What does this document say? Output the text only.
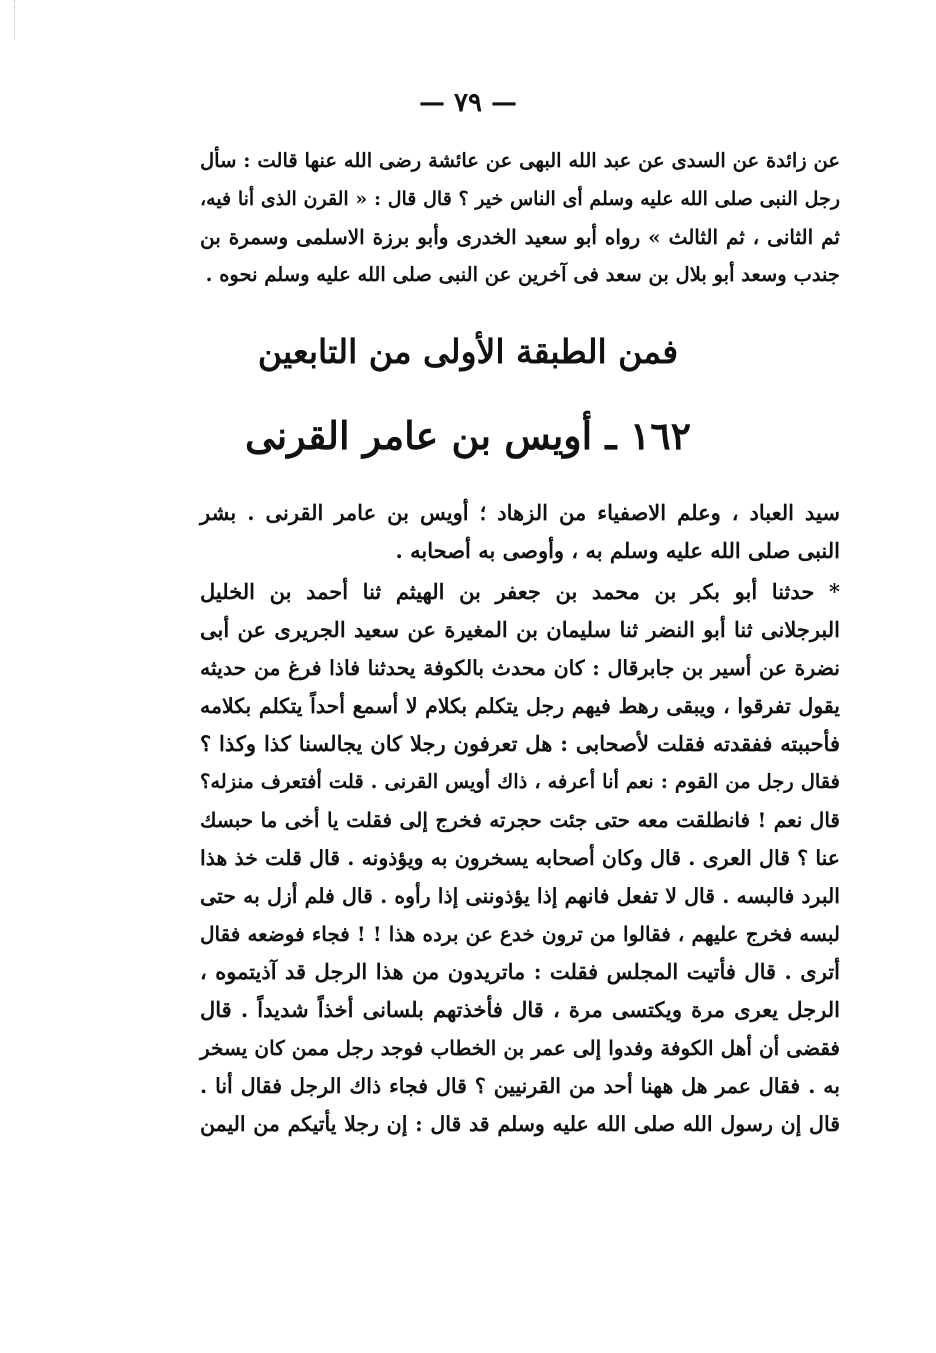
— ٧٩ —
عن زائدة عن السدى عن عبد الله البهى عن عائشة رضى الله عنها قالت : سأل
رجل النبى صلى الله عليه وسلم أى الناس خير ؟ قال قال : « القرن الذى أنا فيه،
ثم الثانى ، ثم الثالث » رواه أبو سعيد الخدرى وأبو برزة الاسلمى وسمرة بن
جندب وسعد أبو بلال بن سعد فى آخرين عن النبى صلى الله عليه وسلم نحوه .
فمن الطبقة الأولى من التابعين
١٦٢ ـ أويس بن عامر القرنى
سيد العباد ، وعلم الاصفياء من الزهاد ؛ أويس بن عامر القرنى . بشر
النبى صلى الله عليه وسلم به ، وأوصى به أصحابه .
* حدثنا أبو بكر بن محمد بن جعفر بن الهيثم ثنا أحمد بن الخليل
البرجلانى ثنا أبو النضر ثنا سليمان بن المغيرة عن سعيد الجريرى عن أبى
نضرة عن أسير بن جابرقال : كان محدث بالكوفة يحدثنا فاذا فرغ من حديثه
يقول تفرقوا ، ويبقى رهط فيهم رجل يتكلم بكلام لا أسمع أحداً يتكلم بكلامه
فأحببته ففقدته فقلت لأصحابى : هل تعرفون رجلا كان يجالسنا كذا وكذا ؟
فقال رجل من القوم : نعم أنا أعرفه ، ذاك أويس القرنى . قلت أفتعرف منزله؟
قال نعم ! فانطلقت معه حتى جئت حجرته فخرج إلى فقلت يا أخى ما حبسك
عنا ؟ قال العرى . قال وكان أصحابه يسخرون به ويؤذونه . قال قلت خذ هذا
البرد فالبسه . قال لا تفعل فانهم إذا يؤذوننى إذا رأوه . قال فلم أزل به حتى
لبسه فخرج عليهم ، فقالوا من ترون خدع عن برده هذا ! ! فجاء فوضعه فقال
أترى . قال فأتيت المجلس فقلت : ماتريدون من هذا الرجل قد آذيتموه ،
الرجل يعرى مرة ويكتسى مرة ، قال فأخذتهم بلسانى أخذاً شديداً . قال
فقضى أن أهل الكوفة وفدوا إلى عمر بن الخطاب فوجد رجل ممن كان يسخر
به . فقال عمر هل ههنا أحد من القرنيين ؟ قال فجاء ذاك الرجل فقال أنا .
قال إن رسول الله صلى الله عليه وسلم قد قال : إن رجلا يأتيكم من اليمن
